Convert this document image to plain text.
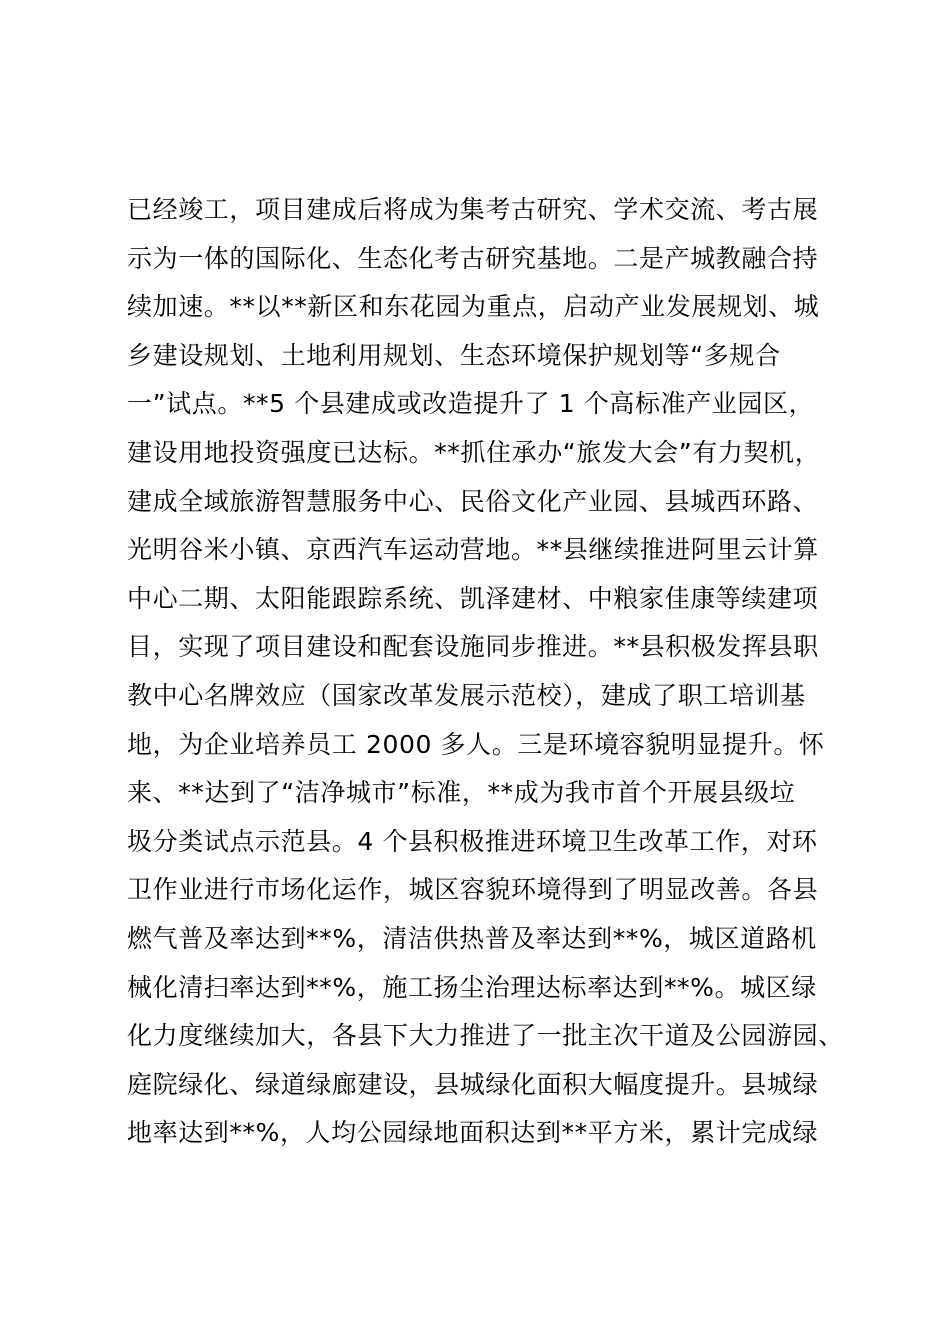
已经竣工，项目建成后将成为集考古研究、学术交流、考古展
示为一体的国际化、生态化考古研究基地。二是产城教融合持
续加速。**以**新区和东花园为重点，启动产业发展规划、城
乡建设规划、土地利用规划、生态环境保护规划等“多规合
一”试点。**5 个县建成或改造提升了 1 个高标准产业园区，
建设用地投资强度已达标。**抓住承办“旅发大会”有力契机，
建成全域旅游智慧服务中心、民俗文化产业园、县城西环路、
光明谷米小镇、京西汽车运动营地。**县继续推进阿里云计算
中心二期、太阳能跟踪系统、凯泽建材、中粮家佳康等续建项
目，实现了项目建设和配套设施同步推进。**县积极发挥县职
教中心名牌效应（国家改革发展示范校），建成了职工培训基
地，为企业培养员工 2000 多人。三是环境容貌明显提升。怀
来、**达到了“洁净城市”标准，**成为我市首个开展县级垃
圾分类试点示范县。4 个县积极推进环境卫生改革工作，对环
卫作业进行市场化运作，城区容貌环境得到了明显改善。各县
燃气普及率达到**%，清洁供热普及率达到**%，城区道路机
械化清扫率达到**%，施工扬尘治理达标率达到**%。城区绿
化力度继续加大，各县下大力推进了一批主次干道及公园游园、
庭院绿化、绿道绿廊建设，县城绿化面积大幅度提升。县城绿
地率达到**%，人均公园绿地面积达到**平方米，累计完成绿
